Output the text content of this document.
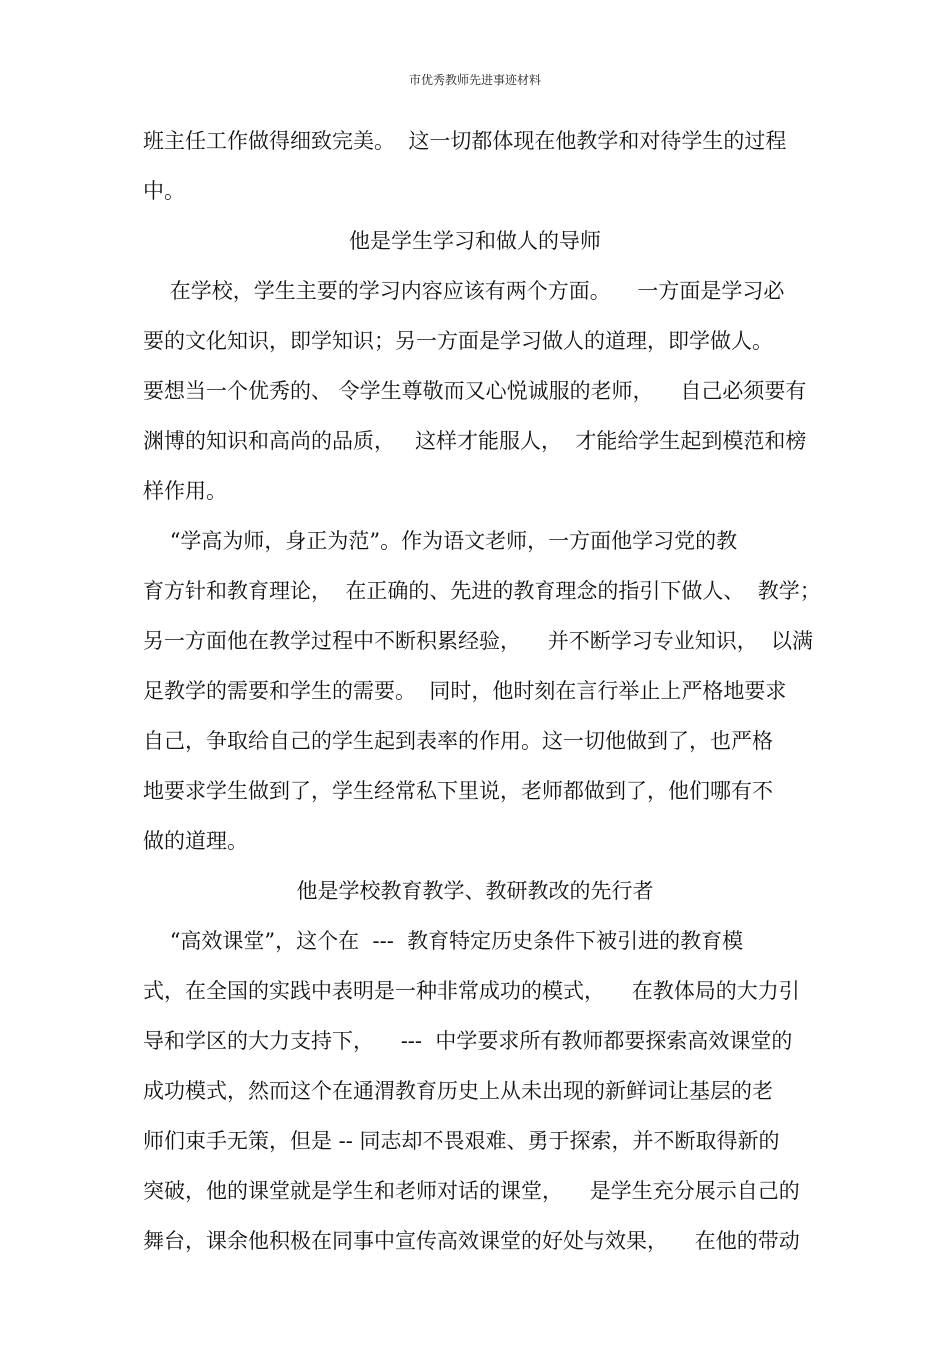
市优秀教师先进事迹材料
班主任工作做得细致完美。  这一切都体现在他教学和对待学生的过程
中。
他是学生学习和做人的导师
在学校，学生主要的学习内容应该有两个方面。    一方面是学习必
要的文化知识，即学知识；另一方面是学习做人的道理，即学做人。
要想当一个优秀的、 令学生尊敬而又心悦诚服的老师，    自己必须要有
渊博的知识和高尚的品质，   这样才能服人，  才能给学生起到模范和榜
样作用。
“学高为师，身正为范”。作为语文老师，一方面他学习党的教
育方针和教育理论，  在正确的、先进的教育理念的指引下做人、  教学；
另一方面他在教学过程中不断积累经验，    并不断学习专业知识，  以满
足教学的需要和学生的需要。  同时，他时刻在言行举止上严格地要求
自己，争取给自己的学生起到表率的作用。这一切他做到了，也严格
地要求学生做到了，学生经常私下里说，老师都做到了，他们哪有不
做的道理。
他是学校教育教学、教研教改的先行者
“高效课堂”，这个在  ---  教育特定历史条件下被引进的教育模
式，在全国的实践中表明是一种非常成功的模式，    在教体局的大力引
导和学区的大力支持下，    ---  中学要求所有教师都要探索高效课堂的
成功模式，然而这个在通渭教育历史上从未出现的新鲜词让基层的老
师们束手无策，但是 -- 同志却不畏艰难、勇于探索，并不断取得新的
突破，他的课堂就是学生和老师对话的课堂，    是学生充分展示自己的
舞台，课余他积极在同事中宣传高效课堂的好处与效果，    在他的带动
